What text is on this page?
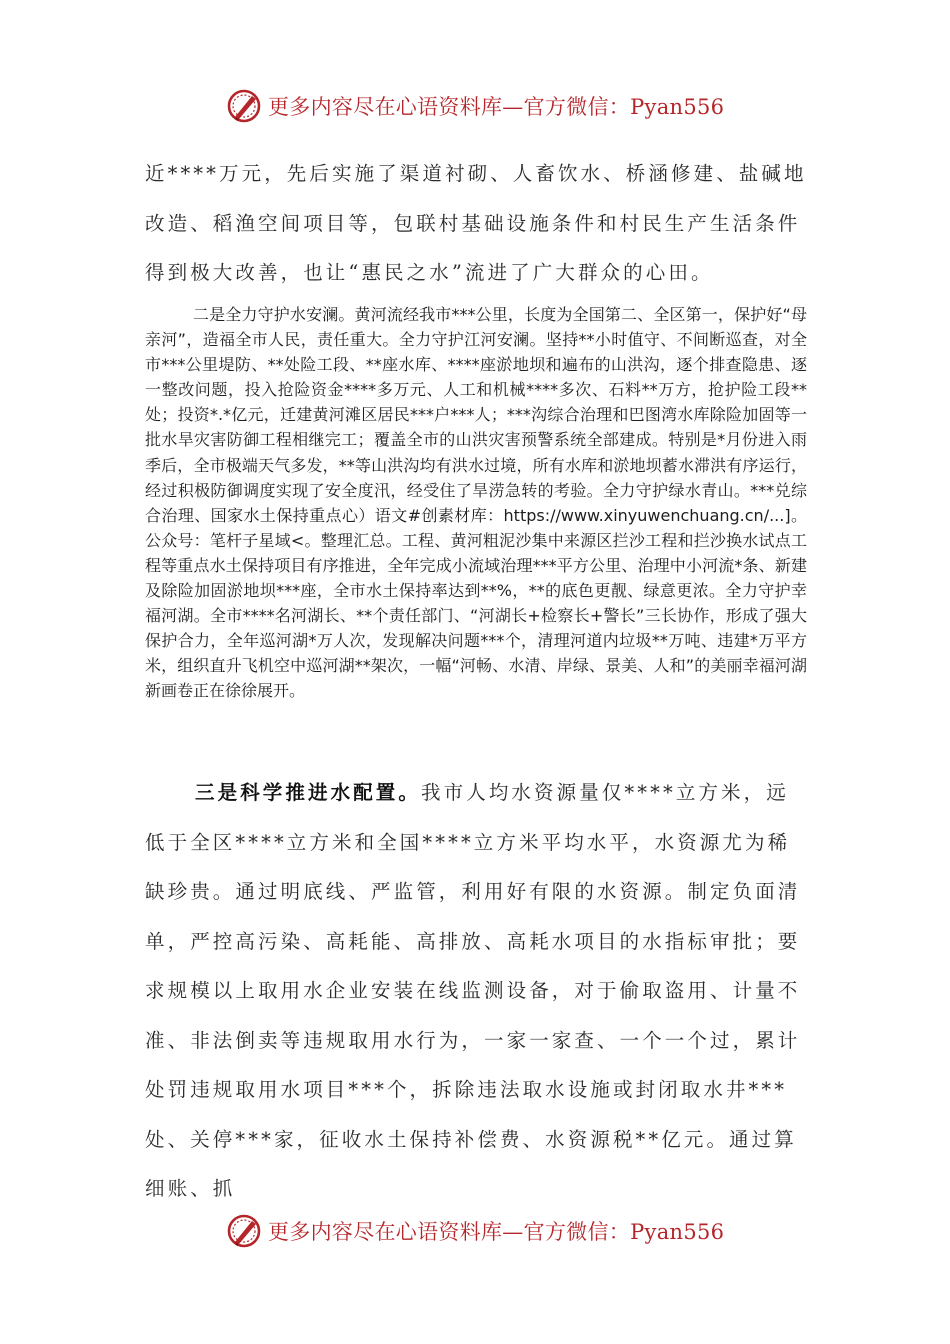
更多内容尽在心语资料库—官方微信：Pyan556

近****万元，先后实施了渠道衬砌、人畜饮水、桥涵修建、盐碱地改造、稻渔空间项目等，包联村基础设施条件和村民生产生活条件得到极大改善，也让“惠民之水”流进了广大群众的心田。

二是全力守护水安澜。黄河流经我市***公里，长度为全国第二、全区第一，保护好“母亲河”，造福全市人民，责任重大。全力守护江河安澜。坚持**小时值守、不间断巡查，对全市***公里堤防、**处险工段、**座水库、****座淤地坝和遍布的山洪沟，逐个排查隐患、逐一整改问题，投入抢险资金****多万元、人工和机械****多次、石料**万方，抢护险工段**处；投资*.*亿元，迁建黄河滩区居民***户***人；***沟综合治理和巴图湾水库除险加固等一批水旱灾害防御工程相继完工；覆盖全市的山洪灾害预警系统全部建成。特别是*月份进入雨季后，全市极端天气多发，**等山洪沟均有洪水过境，所有水库和淤地坝蓄水滞洪有序运行，经过积极防御调度实现了安全度汛，经受住了旱涝急转的考验。全力守护绿水青山。***兑综合治理、国家水土保持重点心）语文#创素材库：https://www.xinyuwenchuang.cn/...]。公众号：笔杆子星域<。整理汇总。工程、黄河粗泥沙集中来源区拦沙工程和拦沙换水试点工程等重点水土保持项目有序推进，全年完成小流域治理***平方公里、治理中小河流*条、新建及除险加固淤地坝***座，全市水土保持率达到**%，**的底色更靓、绿意更浓。全力守护幸福河湖。全市****名河湖长、**个责任部门、“河湖长+检察长+警长”三长协作，形成了强大保护合力，全年巡河湖*万人次，发现解决问题***个，清理河道内垃圾**万吨、违建*万平方米，组织直升飞机空中巡河湖**架次，一幅“河畅、水清、岸绿、景美、人和”的美丽幸福河湖新画卷正在徐徐展开。

三是科学推进水配置。我市人均水资源量仅****立方米，远低于全区****立方米和全国****立方米平均水平，水资源尤为稀缺珍贵。通过明底线、严监管，利用好有限的水资源。制定负面清单，严控高污染、高耗能、高排放、高耗水项目的水指标审批；要求规模以上取用水企业安装在线监测设备，对于偷取盗用、计量不准、非法倒卖等违规取用水行为，一家一家查、一个一个过，累计处罚违规取用水项目***个，拆除违法取水设施或封闭取水井***处、关停***家，征收水土保持补偿费、水资源税**亿元。通过算细账、抓

更多内容尽在心语资料库—官方微信：Pyan556
